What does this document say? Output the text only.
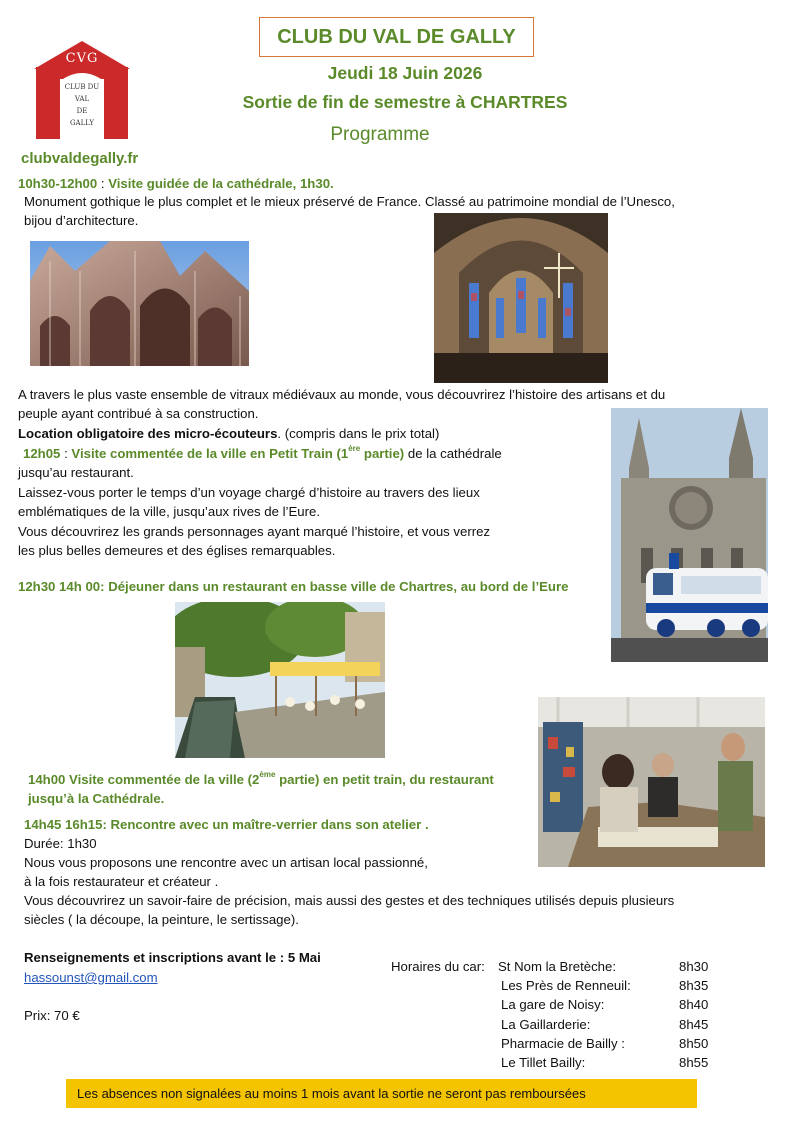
CVG
CLUB DU
VAL
DE
GALLY
CLUB DU VAL DE GALLY
Jeudi 18 Juin 2026
Sortie de fin de semestre à CHARTRES
Programme
clubvaldegally.fr
10h30-12h00 : Visite guidée de la cathédrale, 1h30.
Monument gothique le plus complet et le mieux préservé de France. Classé au patrimoine mondial de l’Unesco,
bijou d’architecture.
A travers le plus vaste ensemble de vitraux médiévaux au monde, vous découvrirez l’histoire des artisans et du
peuple ayant contribué à sa construction.
Location obligatoire des micro-écouteurs. (compris dans le prix total)
12h05 : Visite commentée de la ville en Petit Train (1ère partie) de la cathédrale
jusqu’au restaurant.
Laissez-vous porter le temps d’un voyage chargé d’histoire au travers des lieux
emblématiques de la ville, jusqu’aux rives de l’Eure.
Vous découvrirez les grands personnages ayant marqué l’histoire, et vous verrez
les plus belles demeures et des églises remarquables.
12h30 14h 00: Déjeuner dans un restaurant en basse ville de Chartres, au bord de l’Eure
14h00 Visite commentée de la ville (2ème partie) en petit train, du restaurant
jusqu’à la Cathédrale.
14h45 16h15: Rencontre avec un maître-verrier dans son atelier .
Durée: 1h30
Nous vous proposons une rencontre avec un artisan local passionné,
à la fois restaurateur et créateur .
Vous découvrirez un savoir-faire de précision, mais aussi des gestes et des techniques utilisés depuis plusieurs
siècles ( la découpe, la peinture, le sertissage).
Renseignements et inscriptions avant le : 5 Mai
hassounst@gmail.com
Prix: 70 €
Horaires du car: St Nom la Bretèche:	8h30
Les Près de Renneuil:	8h35
La gare de Noisy:	8h40
La Gaillarderie:	8h45
Pharmacie de Bailly :	8h50
Le Tillet Bailly:	8h55
Les absences non signalées au moins 1 mois avant la sortie ne seront pas remboursées
